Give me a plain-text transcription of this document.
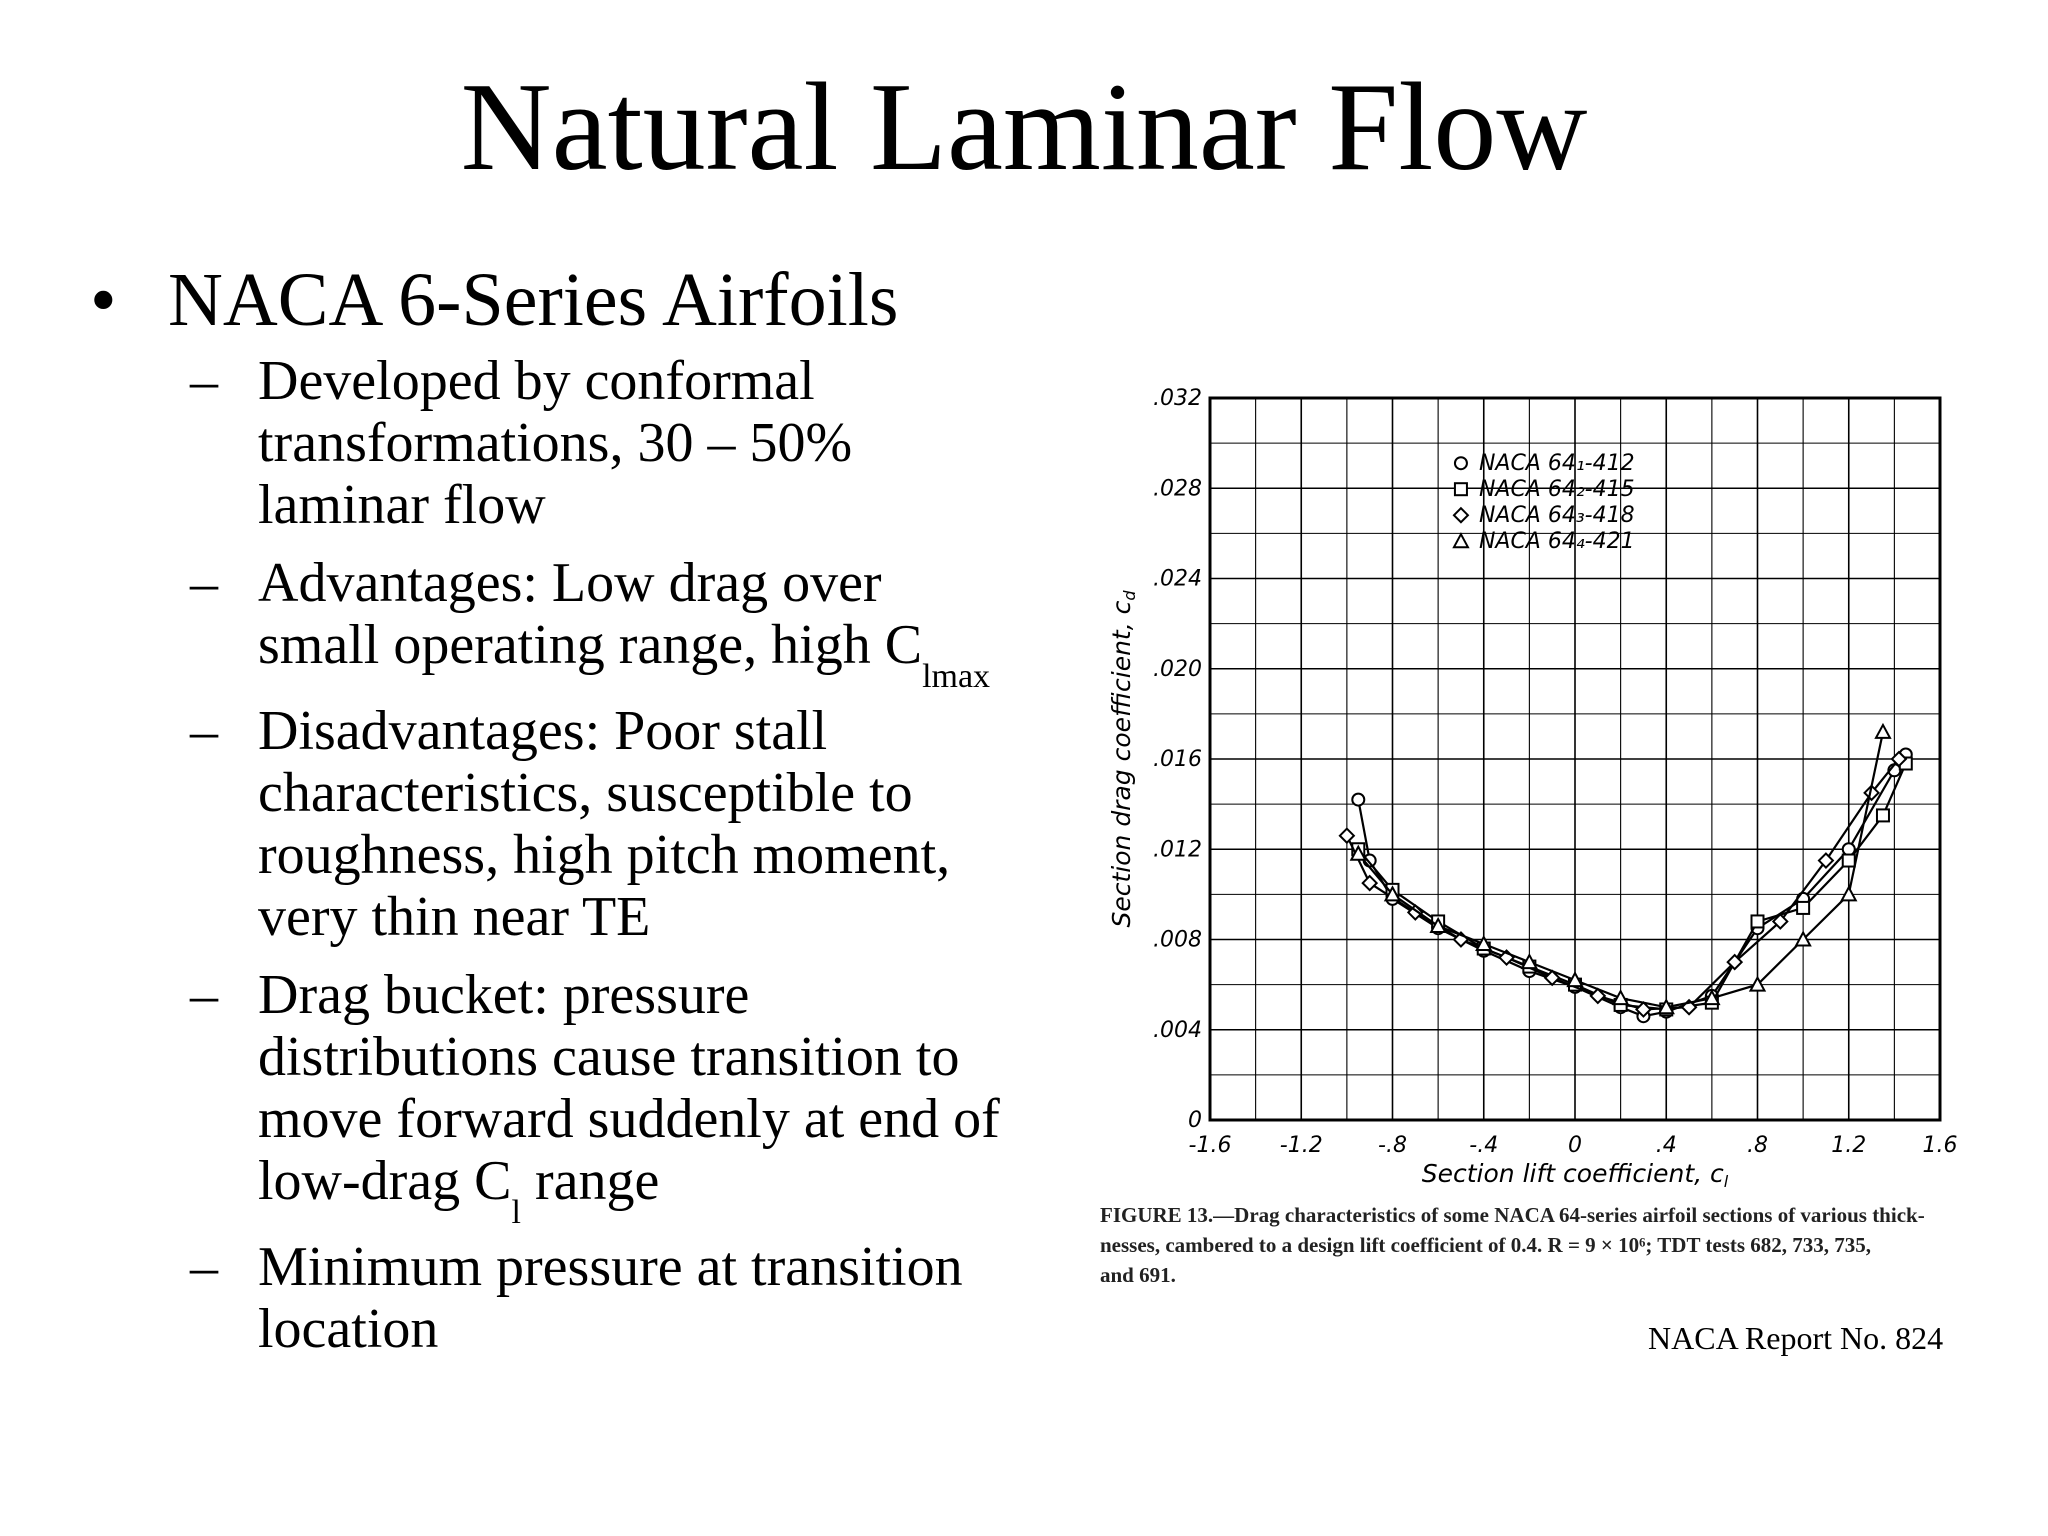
Natural Laminar Flow
• NACA 6-Series Airfoils
– Developed by conformal
transformations, 30 – 50%
laminar flow
– Advantages: Low drag over
small operating range, high $C_{lmax}$
– Disadvantages: Poor stall
characteristics, susceptible to
roughness, high pitch moment,
very thin near TE
– Drag bucket: pressure
distributions cause transition to
move forward suddenly at end of
low-drag $C_l$ range
– Minimum pressure at transition
location
-1.6 -1.2	-.8	-.4	0	.4	.8	1.2	1.6
0
.004
.008
.012
.016
.020
.024
.028
.032
Section lift coefficient, $c_l$
Section drag coefficient, $c_d$
NACA 64₁-412
NACA 64₂-415
NACA 64₃-418
NACA 64₄-421
FIGURE 13.—Drag characteristics of some NACA 64-series airfoil sections of various thick-
nesses, cambered to a design lift coefficient of 0.4. R = 9 × 10⁶; TDT tests 682, 733, 735,
and 691.
NACA Report No. 824
